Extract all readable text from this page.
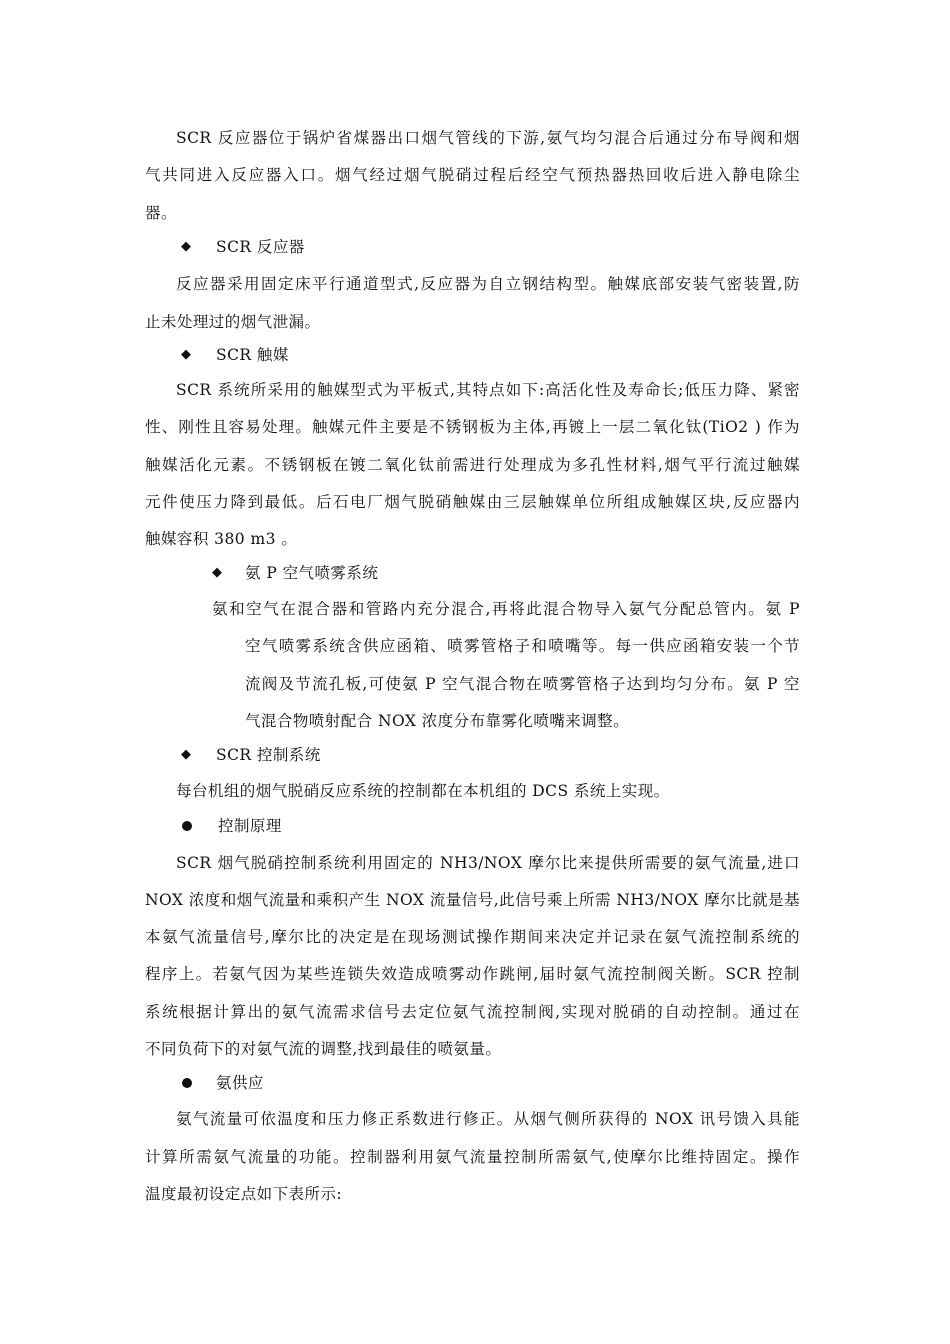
SCR 反应器位于锅炉省煤器出口烟气管线的下游,氨气均匀混合后通过分布导阀和烟
气共同进入反应器入口。烟气经过烟气脱硝过程后经空气预热器热回收后进入静电除尘
器。
◆ SCR 反应器
反应器采用固定床平行通道型式,反应器为自立钢结构型。触媒底部安装气密装置,防
止未处理过的烟气泄漏。
◆ SCR 触媒
SCR 系统所采用的触媒型式为平板式,其特点如下:高活化性及寿命长;低压力降、紧密
性、刚性且容易处理。触媒元件主要是不锈钢板为主体,再镀上一层二氧化钛(TiO2 ) 作为
触媒活化元素。不锈钢板在镀二氧化钛前需进行处理成为多孔性材料,烟气平行流过触媒
元件使压力降到最低。后石电厂烟气脱硝触媒由三层触媒单位所组成触媒区块,反应器内
触媒容积 380 m3 。
◆ 氨 P 空气喷雾系统
氨和空气在混合器和管路内充分混合,再将此混合物导入氨气分配总管内。氨 P
空气喷雾系统含供应函箱、喷雾管格子和喷嘴等。每一供应函箱安装一个节
流阀及节流孔板,可使氨 P 空气混合物在喷雾管格子达到均匀分布。氨 P 空
气混合物喷射配合 NOX 浓度分布靠雾化喷嘴来调整。
◆ SCR 控制系统
每台机组的烟气脱硝反应系统的控制都在本机组的 DCS 系统上实现。
控制原理
SCR 烟气脱硝控制系统利用固定的 NH3/NOX 摩尔比来提供所需要的氨气流量,进口
NOX 浓度和烟气流量和乘积产生 NOX 流量信号,此信号乘上所需 NH3/NOX 摩尔比就是基
本氨气流量信号,摩尔比的决定是在现场测试操作期间来决定并记录在氨气流控制系统的
程序上。若氨气因为某些连锁失效造成喷雾动作跳闸,届时氨气流控制阀关断。SCR 控制
系统根据计算出的氨气流需求信号去定位氨气流控制阀,实现对脱硝的自动控制。通过在
不同负荷下的对氨气流的调整,找到最佳的喷氨量。
氨供应
氨气流量可依温度和压力修正系数进行修正。从烟气侧所获得的 NOX 讯号馈入具能
计算所需氨气流量的功能。控制器利用氨气流量控制所需氨气,使摩尔比维持固定。操作
温度最初设定点如下表所示:
